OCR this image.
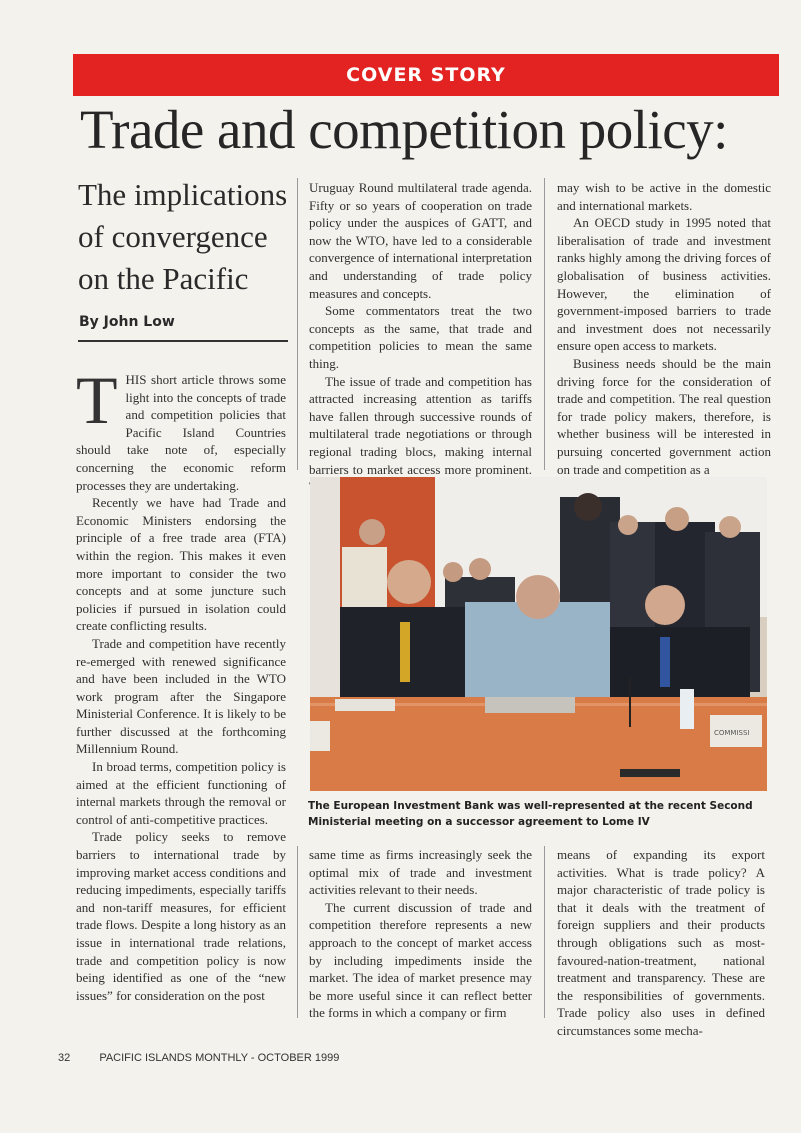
COVER STORY
Trade and competition policy:
The implications of convergence on the Pacific
By John Low

THIS short article throws some light into the concepts of trade and competition policies that Pacific Island Countries should take note of, especially concerning the economic reform processes they are undertaking.

Recently we have had Trade and Economic Ministers endorsing the principle of a free trade area (FTA) within the region. This makes it even more important to consider the two concepts and at some juncture such policies if pursued in isolation could create conflicting results.

Trade and competition have recently re-emerged with renewed significance and have been included in the WTO work program after the Singapore Ministerial Conference. It is likely to be further discussed at the forthcoming Millennium Round.

In broad terms, competition policy is aimed at the efficient functioning of internal markets through the removal or control of anti-competitive practices.

Trade policy seeks to remove barriers to international trade by improving market access conditions and reducing impediments, especially tariffs and non-tariff measures, for efficient trade flows. Despite a long history as an issue in international trade relations, trade and competition policy is now being identified as one of the “new issues” for consideration on the post

Uruguay Round multilateral trade agenda. Fifty or so years of cooperation on trade policy under the auspices of GATT, and now the WTO, have led to a considerable convergence of international interpretation and understanding of trade policy measures and concepts.

Some commentators treat the two concepts as the same, that trade and competition policies to mean the same thing.

The issue of trade and competition has attracted increasing attention as tariffs have fallen through successive rounds of multilateral trade negotiations or through regional trading blocs, making internal barriers to market access more prominent.

may wish to be active in the domestic and international markets.

An OECD study in 1995 noted that liberalisation of trade and investment ranks highly among the driving forces of globalisation of business activities. However, the elimination of government-imposed barriers to trade and investment does not necessarily ensure open access to markets.

Business needs should be the main driving force for the consideration of trade and competition. The real question for trade policy makers, therefore, is whether business will be interested in pursuing concerted government action on trade and competition as a

COMMISSI
The European Investment Bank was well-represented at the recent Second Ministerial meeting on a successor agreement to Lome IV

same time as firms increasingly seek the optimal mix of trade and investment activities relevant to their needs.

The current discussion of trade and competition therefore represents a new approach to the concept of market access by including impediments inside the market. The idea of market presence may be more useful since it can reflect better the forms in which a company or firm

means of expanding its export activities. What is trade policy? A major characteristic of trade policy is that it deals with the treatment of foreign suppliers and their products through obligations such as most-favoured-nation-treatment, national treatment and transparency. These are the responsibilities of governments. Trade policy also uses in defined circumstances some mecha-

32	PACIFIC ISLANDS MONTHLY - OCTOBER 1999
